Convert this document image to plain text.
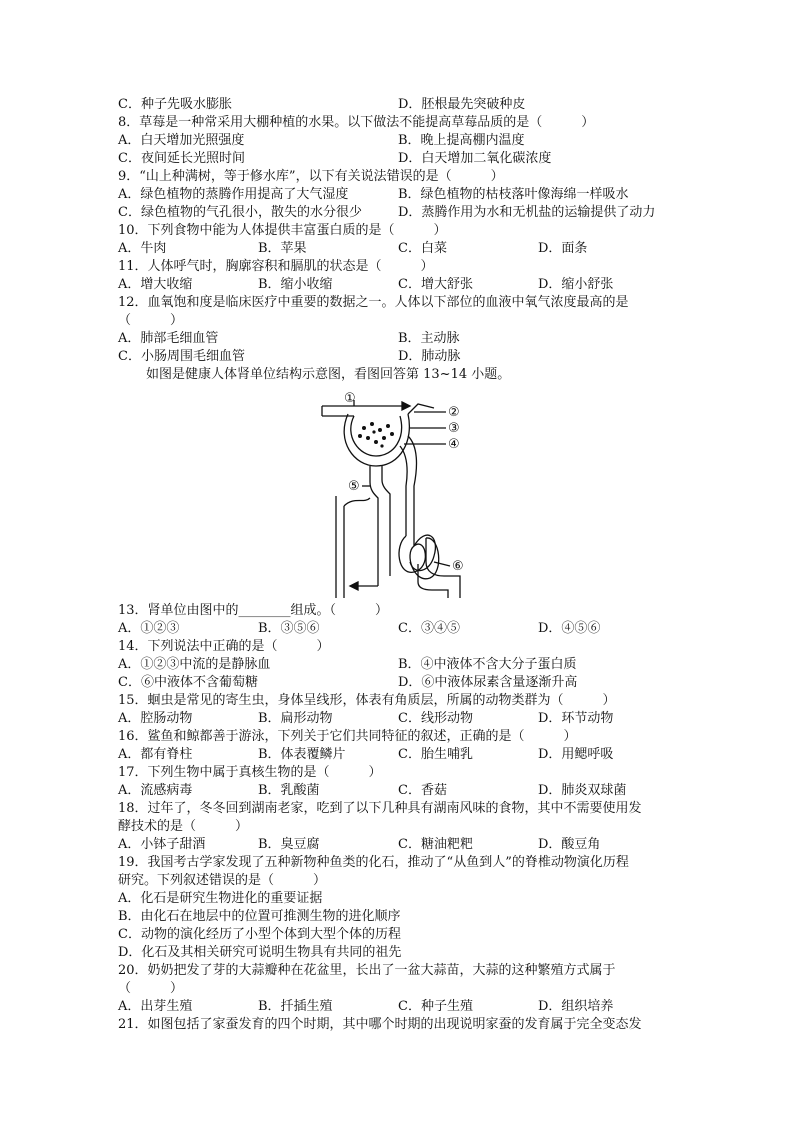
C．种子先吸水膨胀	D．胚根最先突破种皮
8．草莓是一种常采用大棚种植的水果。以下做法不能提高草莓品质的是（　　　）
A．白天增加光照强度	B．晚上提高棚内温度
C．夜间延长光照时间	D．白天增加二氧化碳浓度
9．“山上种满树，等于修水库”，以下有关说法错误的是（　　　）
A．绿色植物的蒸腾作用提高了大气湿度	B．绿色植物的枯枝落叶像海绵一样吸水
C．绿色植物的气孔很小，散失的水分很少	D．蒸腾作用为水和无机盐的运输提供了动力
10．下列食物中能为人体提供丰富蛋白质的是（　　　）
A．牛肉	B．苹果	C．白菜	D．面条
11．人体呼气时，胸廓容积和膈肌的状态是（　　　）
A．增大收缩	B．缩小收缩	C．增大舒张	D．缩小舒张
12．血氧饱和度是临床医疗中重要的数据之一。人体以下部位的血液中氧气浓度最高的是
（　　　）
A．肺部毛细血管	B．主动脉
C．小肠周围毛细血管	D．肺动脉
如图是健康人体肾单位结构示意图，看图回答第 13~14 小题。
①
②
③
④
⑤
⑥
13．肾单位由图中的________组成。（　　　）
A．①②③	B．③⑤⑥	C．③④⑤	D．④⑤⑥
14．下列说法中正确的是（　　　）
A．①②③中流的是静脉血	B．④中液体不含大分子蛋白质
C．⑥中液体不含葡萄糖	D．⑥中液体尿素含量逐渐升高
15．蛔虫是常见的寄生虫，身体呈线形，体表有角质层，所属的动物类群为（　　　）
A．腔肠动物	B．扁形动物	C．线形动物	D．环节动物
16．鲨鱼和鲸都善于游泳，下列关于它们共同特征的叙述，正确的是（　　　）
A．都有脊柱	B．体表覆鳞片	C．胎生哺乳	D．用鳃呼吸
17．下列生物中属于真核生物的是（　　　）
A．流感病毒	B．乳酸菌	C．香菇	D．肺炎双球菌
18．过年了，冬冬回到湖南老家，吃到了以下几种具有湖南风味的食物，其中不需要使用发
酵技术的是（　　　）
A．小钵子甜酒	B．臭豆腐	C．糖油粑粑	D．酸豆角
19．我国考古学家发现了五种新物种鱼类的化石，推动了“从鱼到人”的脊椎动物演化历程
研究。下列叙述错误的是（　　　）
A．化石是研究生物进化的重要证据
B．由化石在地层中的位置可推测生物的进化顺序
C．动物的演化经历了小型个体到大型个体的历程
D．化石及其相关研究可说明生物具有共同的祖先
20．奶奶把发了芽的大蒜瓣种在花盆里，长出了一盆大蒜苗，大蒜的这种繁殖方式属于
（　　　）
A．出芽生殖	B．扦插生殖	C．种子生殖	D．组织培养
21．如图包括了家蚕发育的四个时期，其中哪个时期的出现说明家蚕的发育属于完全变态发
